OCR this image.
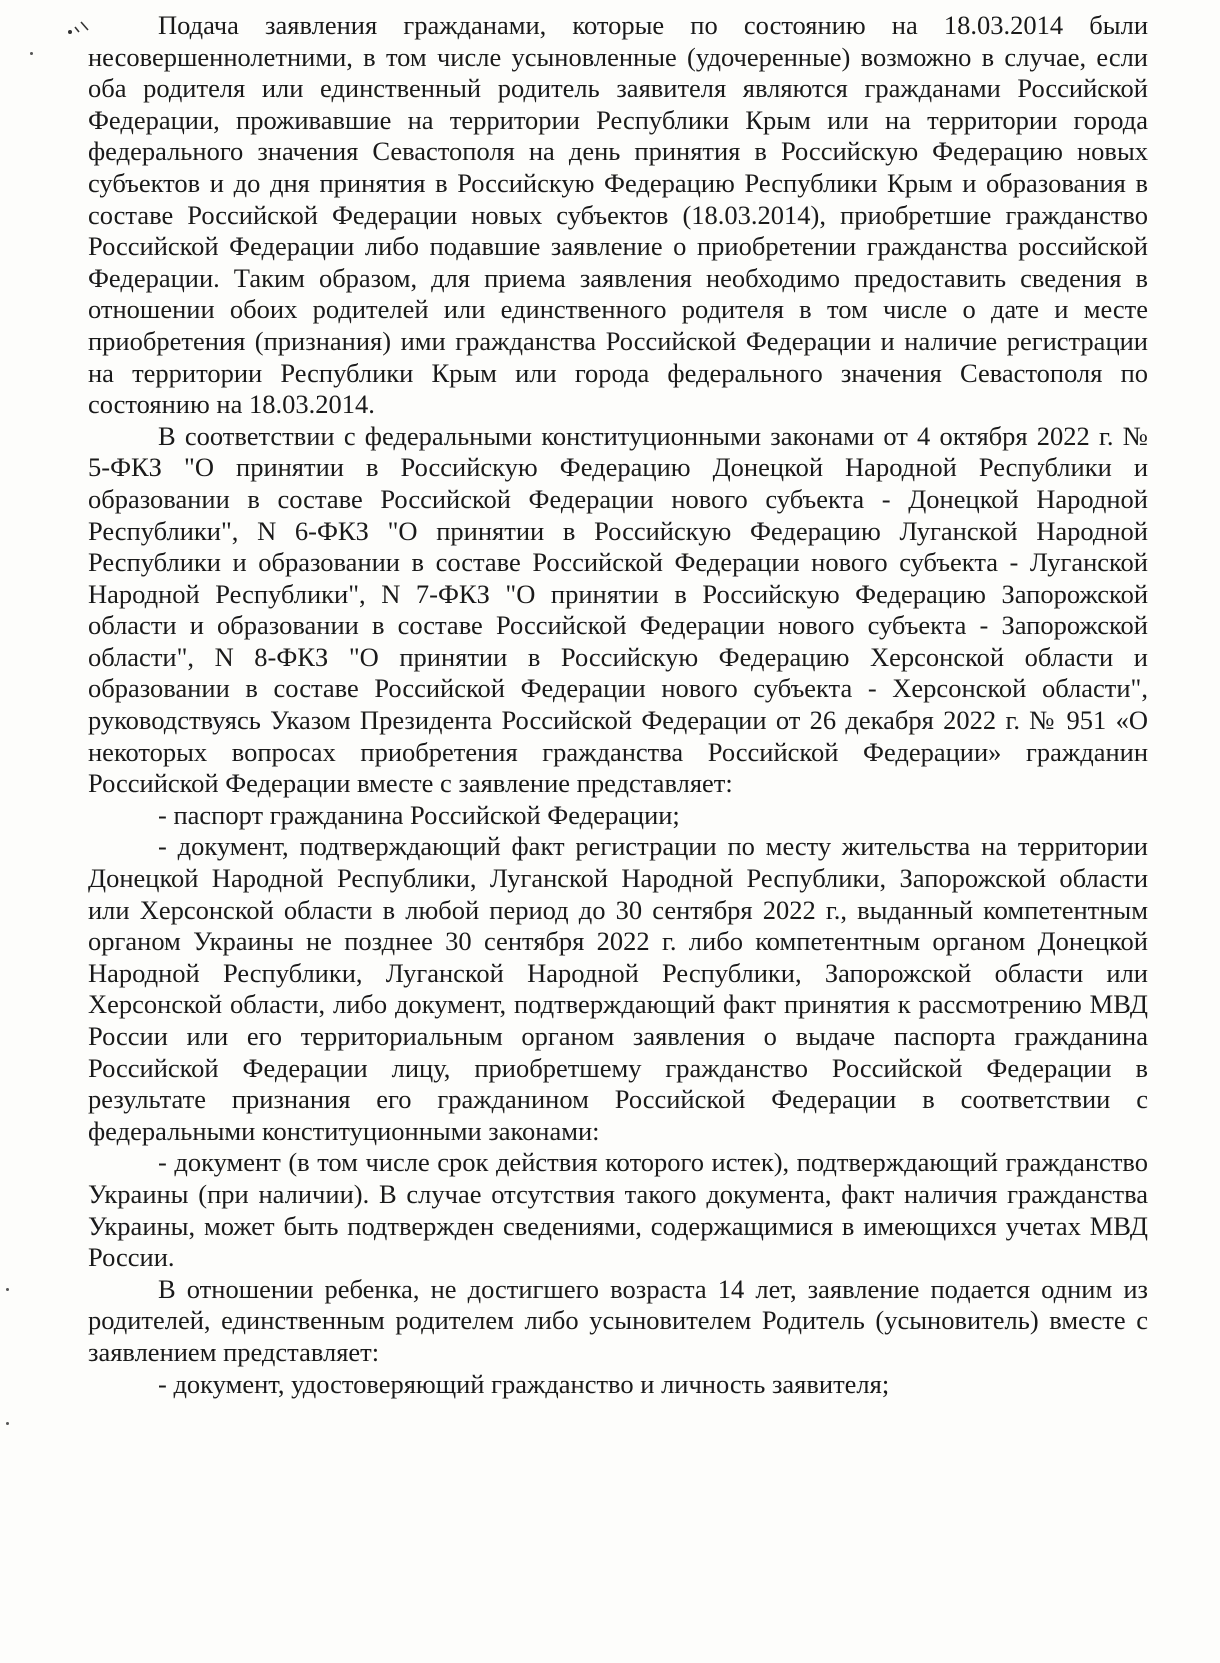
Подача заявления гражданами, которые по состоянию на 18.03.2014 были несовершеннолетними, в том числе усыновленные (удочеренные) возможно в случае, если оба родителя или единственный родитель заявителя являются гражданами Российской Федерации, проживавшие на территории Республики Крым или на территории города федерального значения Севастополя на день принятия в Российскую Федерацию новых субъектов и до дня принятия в Российскую Федерацию Республики Крым и образования в составе Российской Федерации новых субъектов (18.03.2014), приобретшие гражданство Российской Федерации либо подавшие заявление о приобретении гражданства российской Федерации. Таким образом, для приема заявления необходимо предоставить сведения в отношении обоих родителей или единственного родителя в том числе о дате и месте приобретения (признания) ими гражданства Российской Федерации и наличие регистрации на территории Республики Крым или города федерального значения Севастополя по состоянию на 18.03.2014.

В соответствии с федеральными конституционными законами от 4 октября 2022 г. № 5-ФКЗ "О принятии в Российскую Федерацию Донецкой Народной Республики и образовании в составе Российской Федерации нового субъекта - Донецкой Народной Республики", N 6-ФКЗ "О принятии в Российскую Федерацию Луганской Народной Республики и образовании в составе Российской Федерации нового субъекта - Луганской Народной Республики", N 7-ФКЗ "О принятии в Российскую Федерацию Запорожской области и образовании в составе Российской Федерации нового субъекта - Запорожской области", N 8-ФКЗ "О принятии в Российскую Федерацию Херсонской области и образовании в составе Российской Федерации нового субъекта - Херсонской области", руководствуясь Указом Президента Российской Федерации от 26 декабря 2022 г. № 951 «О некоторых вопросах приобретения гражданства Российской Федерации» гражданин Российской Федерации вместе с заявление представляет:

- паспорт гражданина Российской Федерации;

- документ, подтверждающий факт регистрации по месту жительства на территории Донецкой Народной Республики, Луганской Народной Республики, Запорожской области или Херсонской области в любой период до 30 сентября 2022 г., выданный компетентным органом Украины не позднее 30 сентября 2022 г. либо компетентным органом Донецкой Народной Республики, Луганской Народной Республики, Запорожской области или Херсонской области, либо документ, подтверждающий факт принятия к рассмотрению МВД России или его территориальным органом заявления о выдаче паспорта гражданина Российской Федерации лицу, приобретшему гражданство Российской Федерации в результате признания его гражданином Российской Федерации в соответствии с федеральными конституционными законами:

- документ (в том числе срок действия которого истек), подтверждающий гражданство Украины (при наличии). В случае отсутствия такого документа, факт наличия гражданства Украины, может быть подтвержден сведениями, содержащимися в имеющихся учетах МВД России.

В отношении ребенка, не достигшего возраста 14 лет, заявление подается одним из родителей, единственным родителем либо усыновителем Родитель (усыновитель) вместе с заявлением представляет:

- документ, удостоверяющий гражданство и личность заявителя;
